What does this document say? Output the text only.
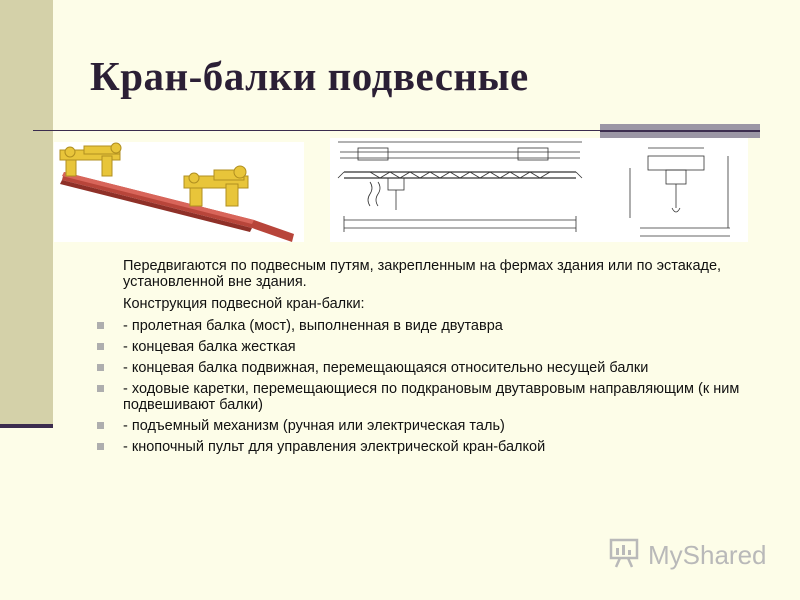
Кран-балки подвесные

Передвигаются по подвесным путям, закрепленным на фермах здания или по эстакаде, установленной вне здания.

Конструкция подвесной кран-балки:

- пролетная балка (мост), выполненная в виде двутавра
- концевая балка жесткая
- концевая балка подвижная, перемещающаяся относительно несущей балки
- ходовые каретки, перемещающиеся по подкрановым двутавровым направляющим (к ним подвешивают балки)
- подъемный механизм (ручная или электрическая таль)
- кнопочный пульт для управления электрической кран-балкой
MyShared
